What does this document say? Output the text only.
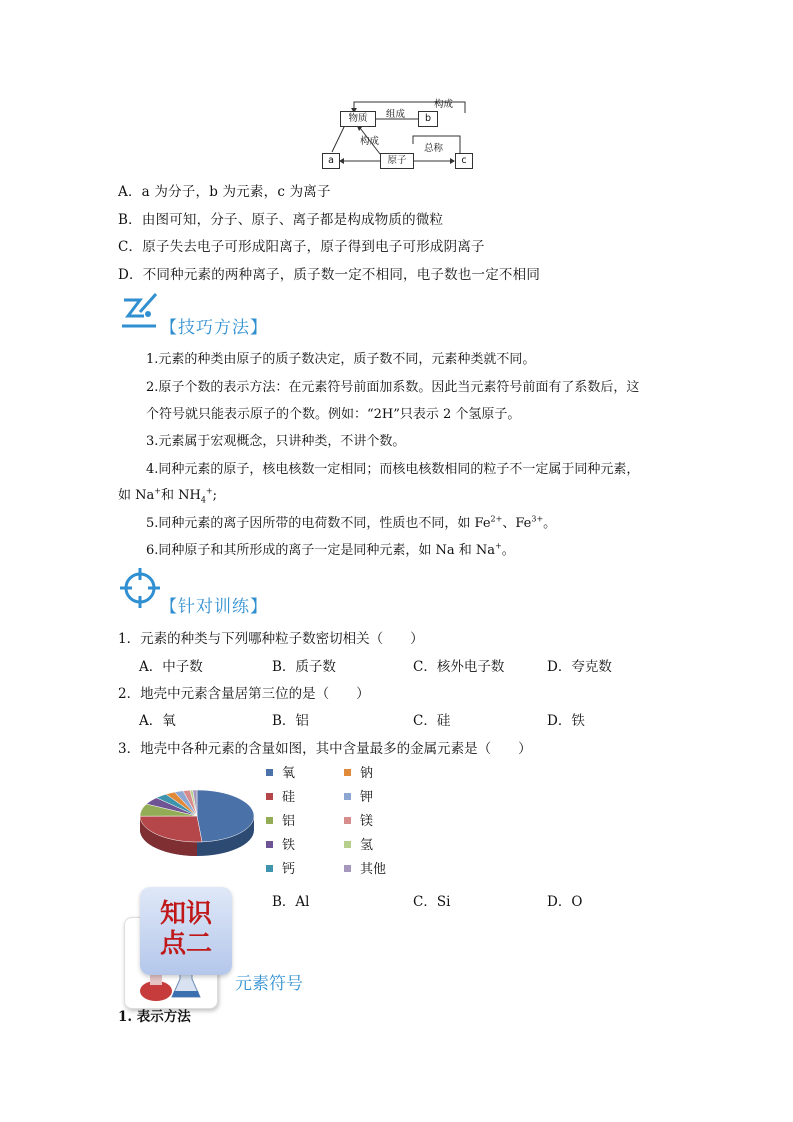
物质	b
a	原子	c
组成
构成
构成
总称
A．a 为分子，b 为元素，c 为离子
B．由图可知，分子、原子、离子都是构成物质的微粒
C．原子失去电子可形成阳离子，原子得到电子可形成阴离子
D．不同种元素的两种离子，质子数一定不相同，电子数也一定不相同
【技巧方法】
1.元素的种类由原子的质子数决定，质子数不同，元素种类就不同。
2.原子个数的表示方法：在元素符号前面加系数。因此当元素符号前面有了系数后，这
个符号就只能表示原子的个数。例如：“2H”只表示 2 个氢原子。
3.元素属于宏观概念，只讲种类，不讲个数。
4.同种元素的原子，核电核数一定相同；而核电核数相同的粒子不一定属于同种元素，
如 Na+和 $NH_4^+$;
5.同种元素的离子因所带的电荷数不同，性质也不同，如 $Fe^{2+}$、$Fe^{3+}$。
6.同种原子和其所形成的离子一定是同种元素，如 Na 和 Na+。
【针对训练】
1．元素的种类与下列哪种粒子数密切相关（　　）
A．中子数	B．质子数	C．核外电子数	D．夸克数
2．地壳中元素含量居第三位的是（　　）
A．氧	B．铝	C．硅	D．铁
3．地壳中各种元素的含量如图，其中含量最多的金属元素是（　　）
氧
硅
铝
铁
钙
钠
钾
镁
氢
其他
B．Al	C．Si	D．O
知识
点二
元素符号
1. 表示方法
